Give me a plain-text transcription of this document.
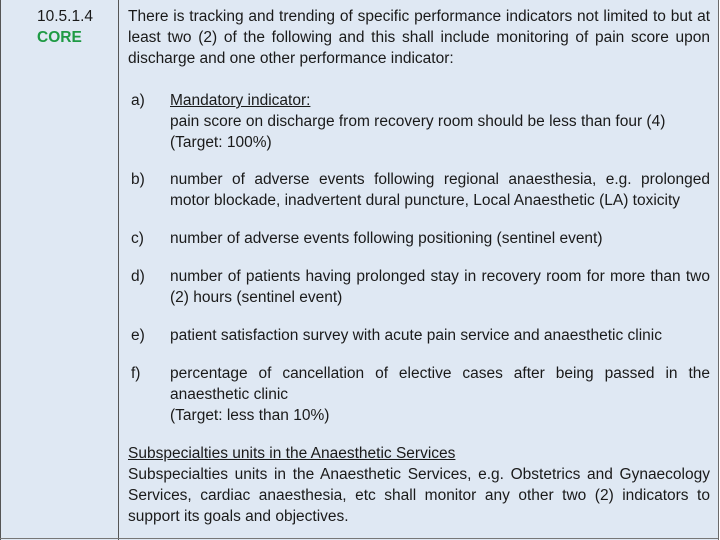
10.5.1.4
CORE

There is tracking and trending of specific performance indicators not limited to but at least two (2) of the following and this shall include monitoring of pain score upon discharge and one other performance indicator:

a) Mandatory indicator:

pain score on discharge from recovery room should be less than four (4)

(Target: 100%)

b) number of adverse events following regional anaesthesia, e.g. prolonged motor blockade, inadvertent dural puncture, Local Anaesthetic (LA) toxicity

c) number of adverse events following positioning (sentinel event)

d) number of patients having prolonged stay in recovery room for more than two (2) hours (sentinel event)

e) patient satisfaction survey with acute pain service and anaesthetic clinic

f) percentage of cancellation of elective cases after being passed in the anaesthetic clinic

(Target: less than 10%)

Subspecialties units in the Anaesthetic Services

Subspecialties units in the Anaesthetic Services, e.g. Obstetrics and Gynaecology Services, cardiac anaesthesia, etc shall monitor any other two (2) indicators to support its goals and objectives.
